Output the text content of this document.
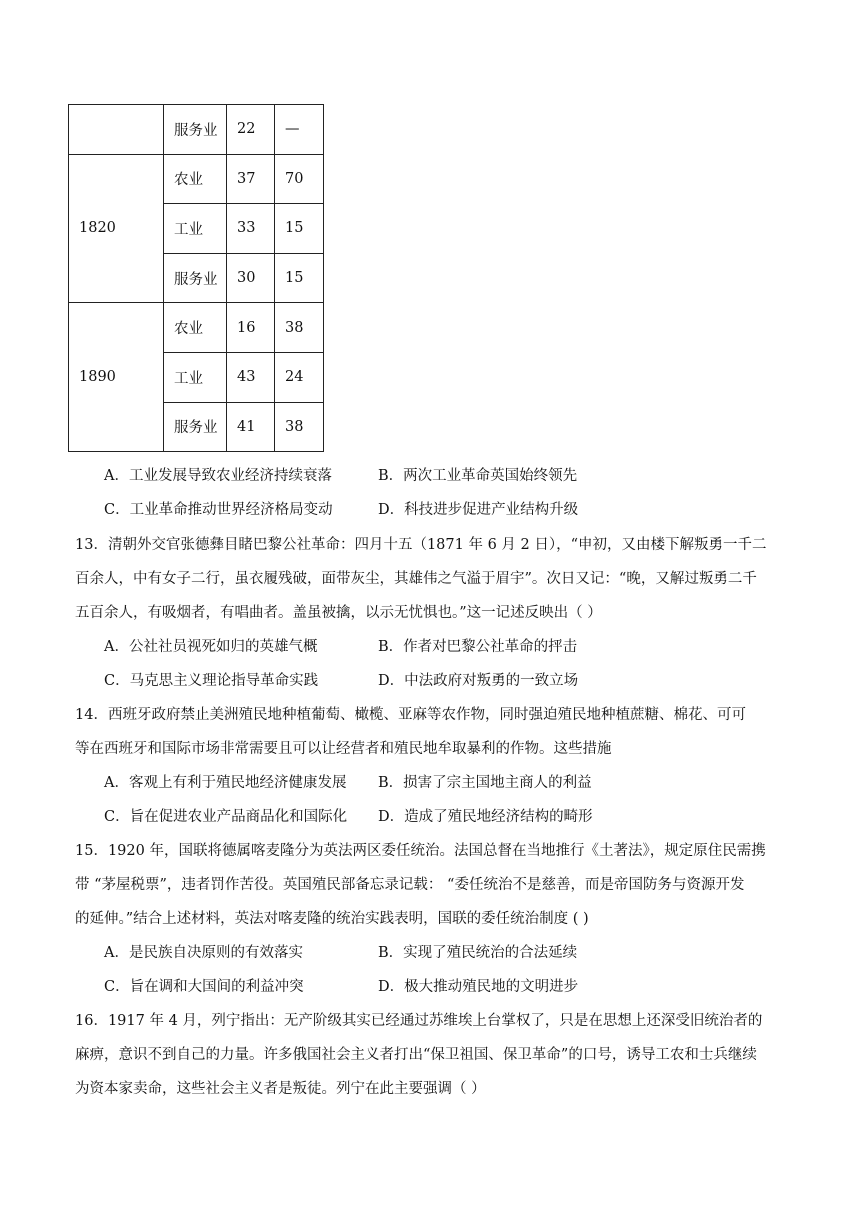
	服务业	22	—
1820	农业	37	70
	工业	33	15
	服务业	30	15
1890	农业	16	38
	工业	43	24
	服务业	41	38
A．工业发展导致农业经济持续衰落	B．两次工业革命英国始终领先
C．工业革命推动世界经济格局变动	D．科技进步促进产业结构升级
13．清朝外交官张德彝目睹巴黎公社革命：四月十五（1871 年 6 月 2 日），“申初，又由楼下解叛勇一千二
百余人，中有女子二行，虽衣履残破，面带灰尘，其雄伟之气溢于眉宇”。次日又记：“晚，又解过叛勇二千
五百余人，有吸烟者，有唱曲者。盖虽被擒，以示无忧惧也。”这一记述反映出（ ）
A．公社社员视死如归的英雄气概	B．作者对巴黎公社革命的抨击
C．马克思主义理论指导革命实践	D．中法政府对叛勇的一致立场
14．西班牙政府禁止美洲殖民地种植葡萄、橄榄、亚麻等农作物，同时强迫殖民地种植蔗糖、棉花、可可
等在西班牙和国际市场非常需要且可以让经营者和殖民地牟取暴利的作物。这些措施
A．客观上有利于殖民地经济健康发展 B．损害了宗主国地主商人的利益
C．旨在促进农业产品商品化和国际化 D．造成了殖民地经济结构的畸形
15．1920 年，国联将德属喀麦隆分为英法两区委任统治。法国总督在当地推行《土著法》，规定原住民需携
带 “茅屋税票”，违者罚作苦役。英国殖民部备忘录记载： “委任统治不是慈善，而是帝国防务与资源开发
的延伸。”结合上述材料，英法对喀麦隆的统治实践表明，国联的委任统治制度 ( )
A．是民族自决原则的有效落实	B．实现了殖民统治的合法延续
C．旨在调和大国间的利益冲突	D．极大推动殖民地的文明进步
16．1917 年 4 月，列宁指出：无产阶级其实已经通过苏维埃上台掌权了，只是在思想上还深受旧统治者的
麻痹，意识不到自己的力量。许多俄国社会主义者打出“保卫祖国、保卫革命”的口号，诱导工农和士兵继续
为资本家卖命，这些社会主义者是叛徒。列宁在此主要强调（ ）
